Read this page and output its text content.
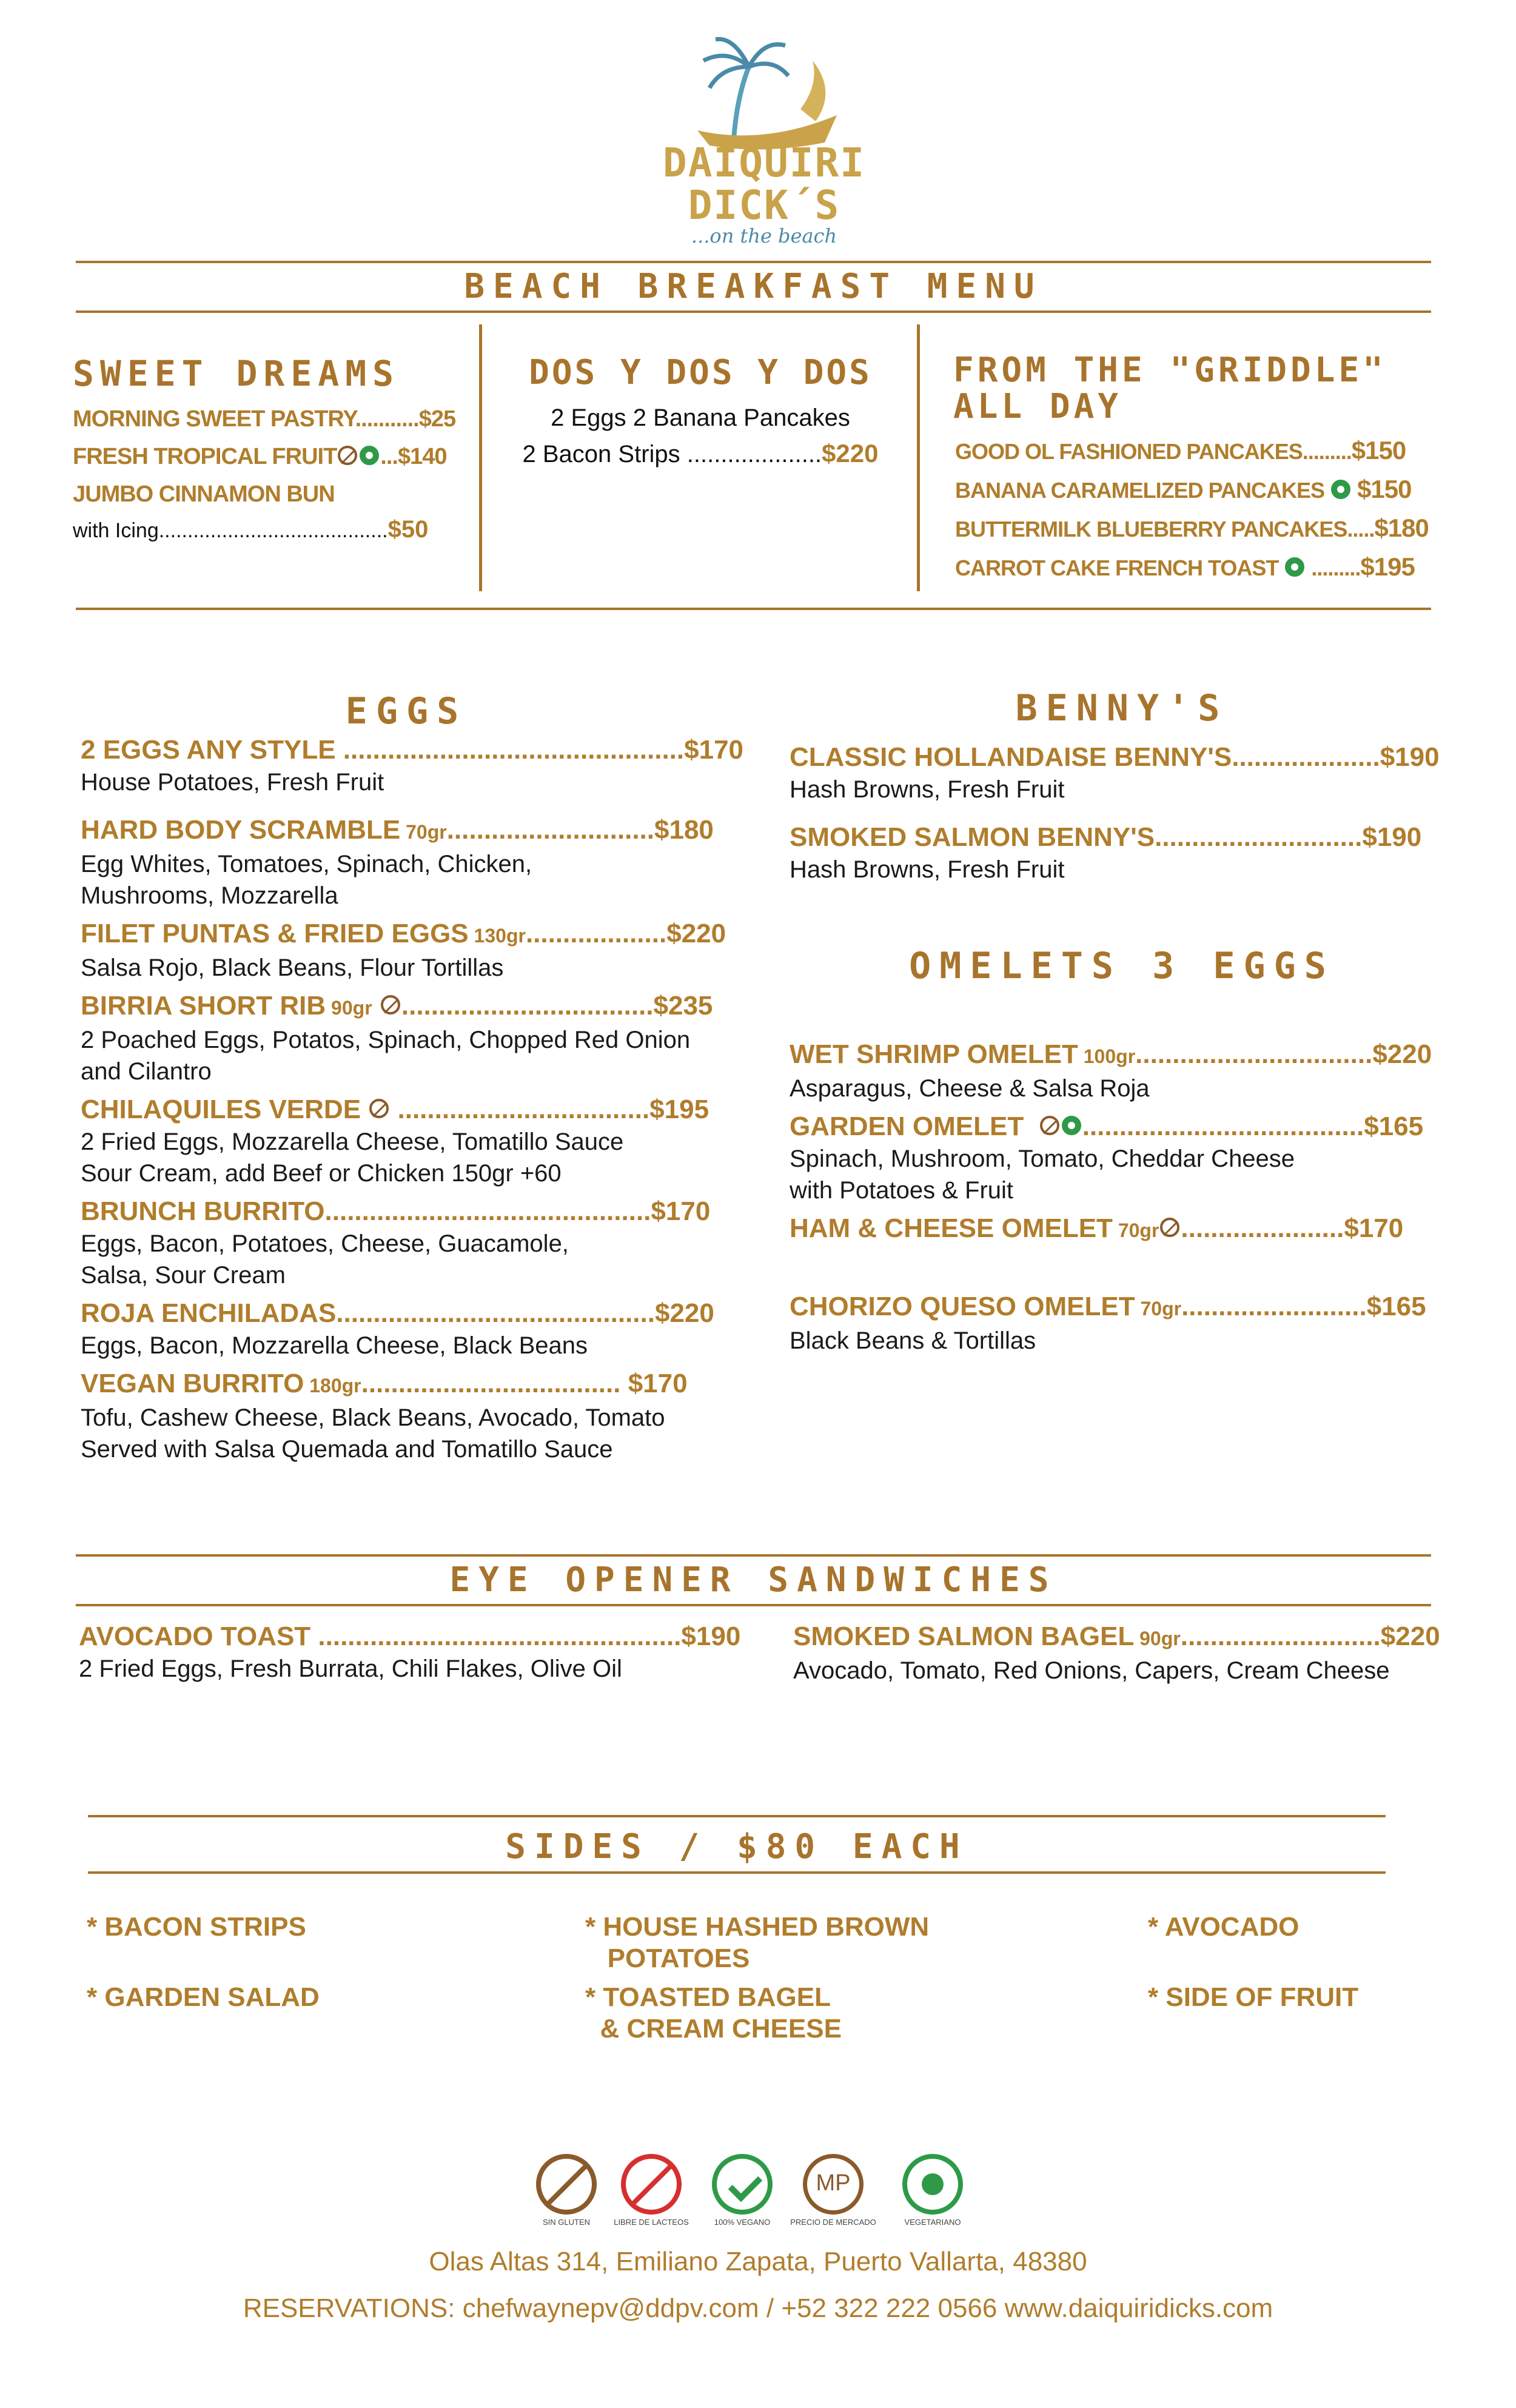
DAIQUIRI
DICK´S
...on the beach
BEACH BREAKFAST MENU
SWEET DREAMS
MORNING SWEET PASTRY...........$25
FRESH TROPICAL FRUIT ...$140
JUMBO CINNAMON BUN
with Icing........................................$50
DOS Y DOS Y DOS
2 Eggs 2 Banana Pancakes
2 Bacon Strips ....................$220
FROM THE "GRIDDLE"
ALL DAY
GOOD OL FASHIONED PANCAKES.........$150
BANANA CARAMELIZED PANCAKES $150
BUTTERMILK BLUEBERRY PANCAKES.....$180
CARROT CAKE FRENCH TOAST .........$195
EGGS
2 EGGS ANY STYLE ..............................................$170
House Potatoes, Fresh Fruit
HARD BODY SCRAMBLE 70gr............................$180
Egg Whites, Tomatoes, Spinach, Chicken,
Mushrooms, Mozzarella
FILET PUNTAS & FRIED EGGS 130gr...................$220
Salsa Rojo, Black Beans, Flour Tortillas
BIRRIA SHORT RIB 90gr ..................................$235
2 Poached Eggs, Potatos, Spinach, Chopped Red Onion
and Cilantro
CHILAQUILES VERDE  ..................................$195
2 Fried Eggs, Mozzarella Cheese, Tomatillo Sauce
Sour Cream, add Beef or Chicken 150gr +60
BRUNCH BURRITO............................................$170
Eggs, Bacon, Potatoes, Cheese, Guacamole,
Salsa, Sour Cream
ROJA ENCHILADAS...........................................$220
Eggs, Bacon, Mozzarella Cheese, Black Beans
VEGAN BURRITO 180gr................................... $170
Tofu, Cashew Cheese, Black Beans, Avocado, Tomato
Served with Salsa Quemada and Tomatillo Sauce
BENNY'S
CLASSIC HOLLANDAISE BENNY'S....................$190
Hash Browns, Fresh Fruit
SMOKED SALMON BENNY'S............................$190
Hash Browns, Fresh Fruit
OMELETS 3 EGGS
WET SHRIMP OMELET 100gr................................$220
Asparagus, Cheese & Salsa Roja
GARDEN OMELET ......................................$165
Spinach, Mushroom, Tomato, Cheddar Cheese
with Potatoes & Fruit
HAM & CHEESE OMELET 70gr ......................$170
CHORIZO QUESO OMELET 70gr.........................$165
Black Beans & Tortillas
EYE OPENER SANDWICHES
AVOCADO TOAST .................................................$190
2 Fried Eggs, Fresh Burrata, Chili Flakes, Olive Oil
SMOKED SALMON BAGEL 90gr...........................$220
Avocado, Tomato, Red Onions, Capers, Cream Cheese
SIDES / $80 EACH
* BACON STRIPS
* GARDEN SALAD
* HOUSE HASHED BROWN
POTATOES
* TOASTED BAGEL
& CREAM CHEESE
* AVOCADO
* SIDE OF FRUIT
SIN GLUTEN	LIBRE DE LACTEOS	100% VEGANO
MP
PRECIO DE MERCADO	VEGETARIANO
Olas Altas 314, Emiliano Zapata, Puerto Vallarta, 48380
RESERVATIONS: chefwaynepv@ddpv.com / +52 322 222 0566 www.daiquiridicks.com
